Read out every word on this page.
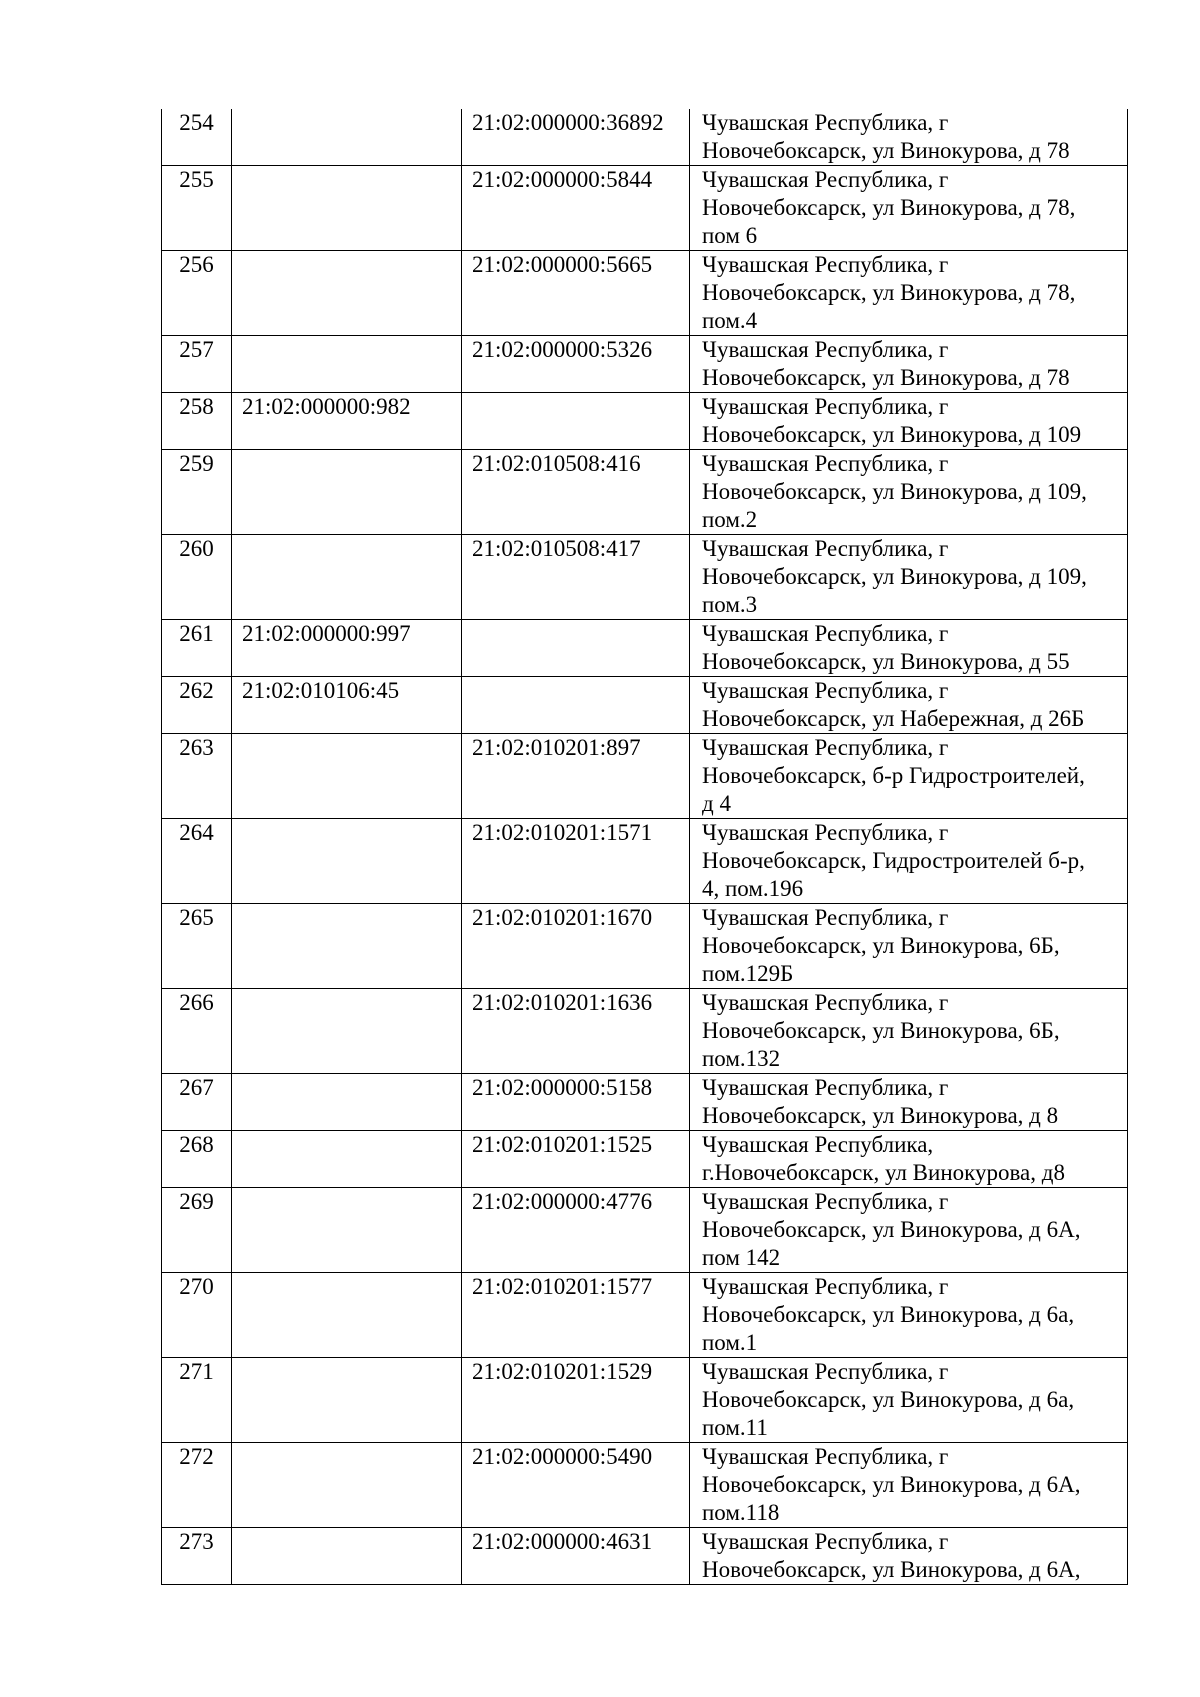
254		21:02:000000:36892	Чувашская Республика, г
Новочебоксарск, ул Винокурова, д 78

255		21:02:000000:5844	Чувашская Республика, г
Новочебоксарск, ул Винокурова, д 78,
пом 6

256		21:02:000000:5665	Чувашская Республика, г
Новочебоксарск, ул Винокурова, д 78,
пом.4

257		21:02:000000:5326	Чувашская Республика, г
Новочебоксарск, ул Винокурова, д 78

258	21:02:000000:982		Чувашская Республика, г
Новочебоксарск, ул Винокурова, д 109

259		21:02:010508:416	Чувашская Республика, г
Новочебоксарск, ул Винокурова, д 109,
пом.2

260		21:02:010508:417	Чувашская Республика, г
Новочебоксарск, ул Винокурова, д 109,
пом.3

261	21:02:000000:997		Чувашская Республика, г
Новочебоксарск, ул Винокурова, д 55

262	21:02:010106:45		Чувашская Республика, г
Новочебоксарск, ул Набережная, д 26Б

263		21:02:010201:897	Чувашская Республика, г
Новочебоксарск, б-р Гидростроителей,
д 4

264		21:02:010201:1571	Чувашская Республика, г
Новочебоксарск, Гидростроителей б-р,
4, пом.196

265		21:02:010201:1670	Чувашская Республика, г
Новочебоксарск, ул Винокурова, 6Б,
пом.129Б

266		21:02:010201:1636	Чувашская Республика, г
Новочебоксарск, ул Винокурова, 6Б,
пом.132

267		21:02:000000:5158	Чувашская Республика, г
Новочебоксарск, ул Винокурова, д 8

268		21:02:010201:1525	Чувашская Республика,
г.Новочебоксарск, ул Винокурова, д8

269		21:02:000000:4776	Чувашская Республика, г
Новочебоксарск, ул Винокурова, д 6А,
пом 142

270		21:02:010201:1577	Чувашская Республика, г
Новочебоксарск, ул Винокурова, д 6а,
пом.1

271		21:02:010201:1529	Чувашская Республика, г
Новочебоксарск, ул Винокурова, д 6а,
пом.11

272		21:02:000000:5490	Чувашская Республика, г
Новочебоксарск, ул Винокурова, д 6А,
пом.118

273		21:02:000000:4631	Чувашская Республика, г
Новочебоксарск, ул Винокурова, д 6А,
